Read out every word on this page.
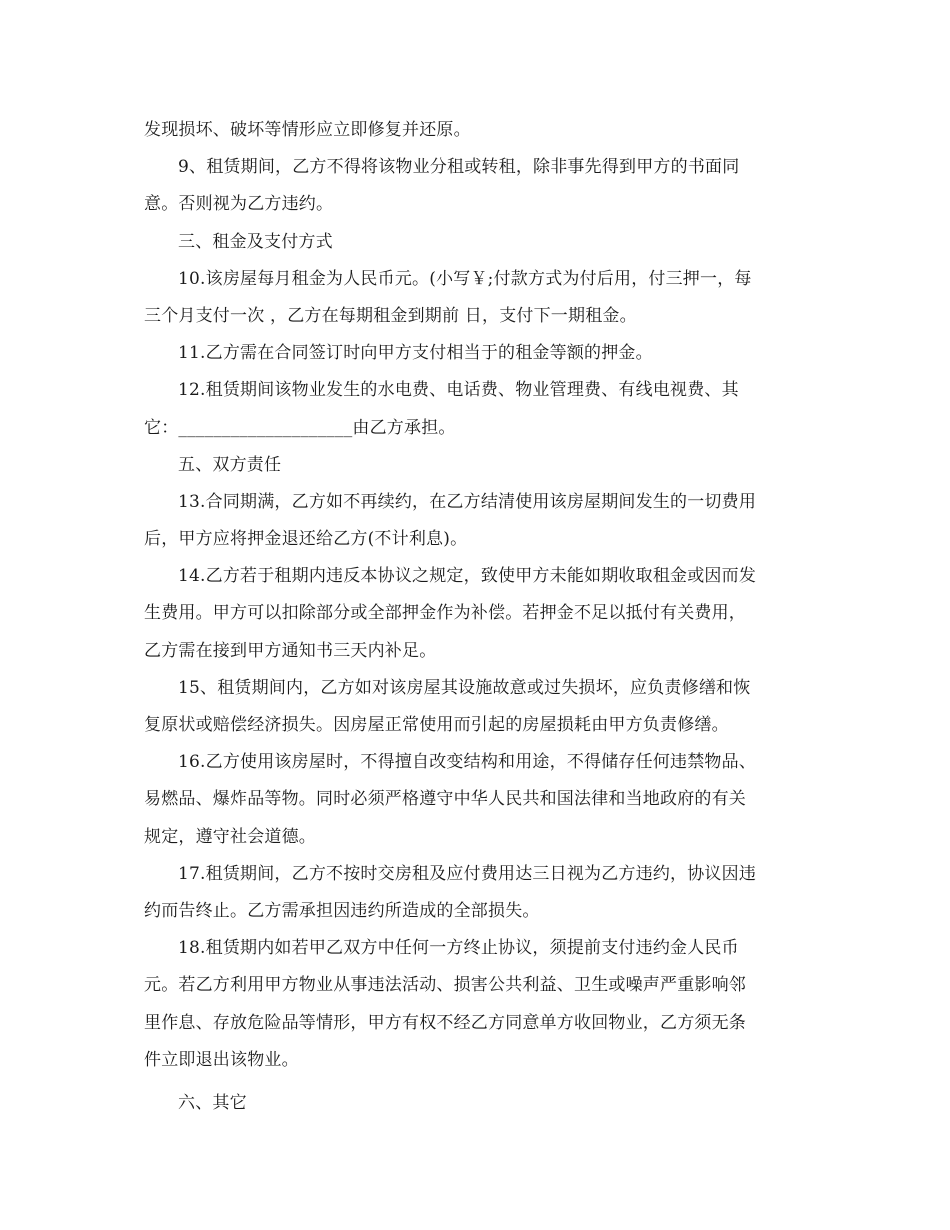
发现损坏、破坏等情形应立即修复并还原。
9、租赁期间，乙方不得将该物业分租或转租，除非事先得到甲方的书面同
意。否则视为乙方违约。
三、租金及支付方式
10.该房屋每月租金为人民币元。(小写￥;付款方式为付后用，付三押一，每
三个月支付一次 ，乙方在每期租金到期前 日，支付下一期租金。
11.乙方需在合同签订时向甲方支付相当于的租金等额的押金。
12.租赁期间该物业发生的水电费、电话费、物业管理费、有线电视费、其
它：____________________由乙方承担。
五、双方责任
13.合同期满，乙方如不再续约，在乙方结清使用该房屋期间发生的一切费用
后，甲方应将押金退还给乙方(不计利息)。
14.乙方若于租期内违反本协议之规定，致使甲方未能如期收取租金或因而发
生费用。甲方可以扣除部分或全部押金作为补偿。若押金不足以抵付有关费用，
乙方需在接到甲方通知书三天内补足。
15、租赁期间内，乙方如对该房屋其设施故意或过失损坏，应负责修缮和恢
复原状或赔偿经济损失。因房屋正常使用而引起的房屋损耗由甲方负责修缮。
16.乙方使用该房屋时，不得擅自改变结构和用途，不得储存任何违禁物品、
易燃品、爆炸品等物。同时必须严格遵守中华人民共和国法律和当地政府的有关
规定，遵守社会道德。
17.租赁期间，乙方不按时交房租及应付费用达三日视为乙方违约，协议因违
约而告终止。乙方需承担因违约所造成的全部损失。
18.租赁期内如若甲乙双方中任何一方终止协议，须提前支付违约金人民币
元。若乙方利用甲方物业从事违法活动、损害公共利益、卫生或噪声严重影响邻
里作息、存放危险品等情形，甲方有权不经乙方同意单方收回物业，乙方须无条
件立即退出该物业。
六、其它
